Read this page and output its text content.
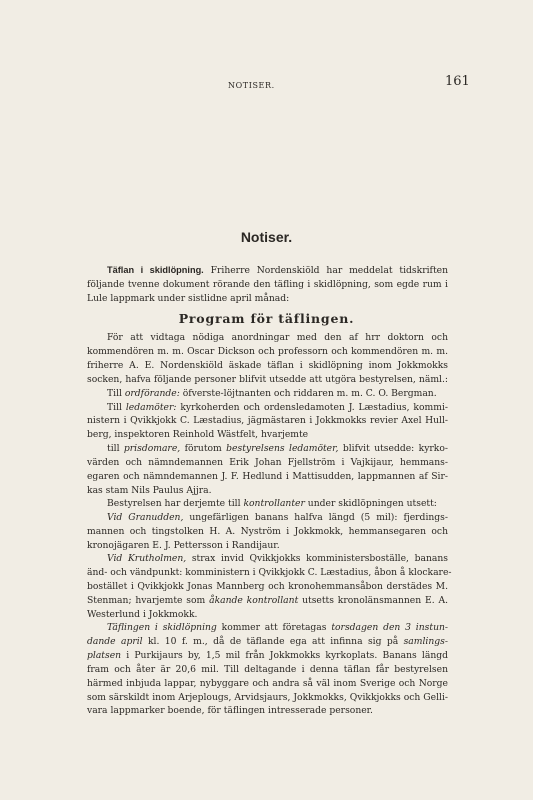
NOTISER.	161
Notiser.
Täflan i skidlöpning. Friherre Nordenskiöld har meddelat tidskriften
följande tvenne dokument rörande den täfling i skidlöpning, som egde rum i
Lule lappmark under sistlidne april månad:
Program för täflingen.
För att vidtaga nödiga anordningar med den af hrr doktorn och
kommendören m. m. Oscar Dickson och professorn och kommendören m. m.
friherre A. E. Nordenskiöld äskade täflan i skidlöpning inom Jokkmokks
socken, hafva följande personer blifvit utsedde att utgöra bestyrelsen, näml.:
Till ordförande: öfverste-löjtnanten och riddaren m. m. C. O. Bergman.
Till ledamöter: kyrkoherden och ordensledamoten J. Læstadius, kommi-
nistern i Qvikkjokk C. Læstadius, jägmästaren i Jokkmokks revier Axel Hull-
berg, inspektoren Reinhold Wästfelt, hvarjemte
till prisdomare, förutom bestyrelsens ledamöter, blifvit utsedde: kyrko-
värden och nämndemannen Erik Johan Fjellström i Vajkijaur, hemmans-
egaren och nämndemannen J. F. Hedlund i Mattisudden, lappmannen af Sir-
kas stam Nils Paulus Ajjra.
Bestyrelsen har derjemte till kontrollanter under skidlöpningen utsett:
Vid Granudden, ungefärligen banans halfva längd (5 mil): fjerdings-
mannen och tingstolken H. A. Nyström i Jokkmokk, hemmansegaren och
kronojägaren E. J. Pettersson i Randijaur.
Vid Krutholmen, strax invid Qvikkjokks komministersboställe, banans
änd- och vändpunkt: komministern i Qvikkjokk C. Læstadius, åbon å klockare-
bostället i Qvikkjokk Jonas Mannberg och kronohemmansåbon derstädes M.
Stenman; hvarjemte som åkande kontrollant utsetts kronolänsmannen E. A.
Westerlund i Jokkmokk.
Täflingen i skidlöpning kommer att företagas torsdagen den 3 instun-
dande april kl. 10 f. m., då de täflande ega att infinna sig på samlings-
platsen i Purkijaurs by, 1,5 mil från Jokkmokks kyrkoplats. Banans längd
fram och åter är 20,6 mil. Till deltagande i denna täflan får bestyrelsen
härmed inbjuda lappar, nybyggare och andra så väl inom Sverige och Norge
som särskildt inom Arjeplougs, Arvidsjaurs, Jokkmokks, Qvikkjokks och Gelli-
vara lappmarker boende, för täflingen intresserade personer.
